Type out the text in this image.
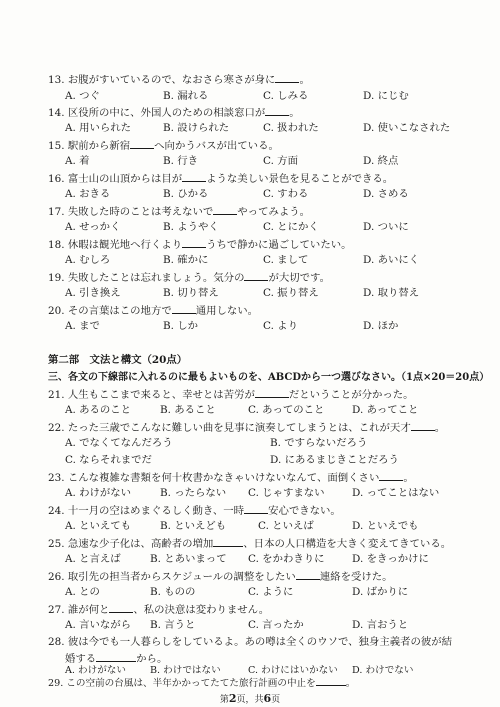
13. お腹がすいているので、なおさら寒さが身に 。
A. つぐ	B. 漏れる	C. しみる	D. にじむ
14. 区役所の中に、外国人のための相談窓口が 。
A. 用いられた	B. 設けられた	C. 扱われた	D. 使いこなされた
15. 駅前から新宿 へ向かうバスが出ている。
A. 着	B. 行き	C. 方面	D. 終点
16. 富士山の山頂からは目が ような美しい景色を見ることができる。
A. おきる	B. ひかる	C. すわる	D. さめる
17. 失敗した時のことは考えないで やってみよう。
A. せっかく	B. ようやく	C. とにかく	D. ついに
18. 休暇は観光地へ行くより うちで静かに過ごしていたい。
A. むしろ	B. 確かに	C. まして	D. あいにく
19. 失敗したことは忘れましょう。気分の が大切です。
A. 引き換え	B. 切り替え	C. 振り替え	D. 取り替え
20. その言葉はこの地方で 通用しない。
A. まで	B. しか	C. より	D. ほか
第二部　文法と構文（20点）
三、各文の下線部に入れるのに最もよいものを、ABCDから一つ選びなさい。（1点×20＝20点）
21. 人生もここまで来ると、幸せとは苦労が	だということが分かった。
A. あるのこと	B. あること	C. あってのこと	D. あってこと
22. たった三歳でこんなに難しい曲を見事に演奏してしまうとは、これが天才 。
A. でなくてなんだろう	B. ですらないだろう
C. ならそれまでだ	D. にあるまじきことだろう
23. こんな複雑な書類を何十枚書かなきゃいけないなんて、面倒くさい 。
A. わけがない	B. ったらない C. じゃすまない	D. ってことはない
24. 十一月の空はめまぐるしく動き、一時 安心できない。
A. といえても	B. といえども	C. といえば	D. といえでも
25. 急速な少子化は、高齢者の増加	、日本の人口構造を大きく変えてきている。
A. と言えば	B. とあいまって C. をかわきりに	D. をきっかけに
26. 取引先の担当者からスケジュールの調整をしたい 連絡を受けた。
A. との	B. ものの	C. ように	D. ばかりに
27. 誰が何と 、私の決意は変わりません。
A. 言いながら B. 言うと	C. 言ったか	D. 言おうと
28. 彼は今でも一人暮らしをしているよ。あの噂は全くのウソで、独身主義者の彼が結
婚する	から。
第2页，共6页
A. わけがない	B. わけではない	C. わけにはいかない D. わけでない
29. この空前の台風は、半年かかってたてた旅行計画の中止を	。
